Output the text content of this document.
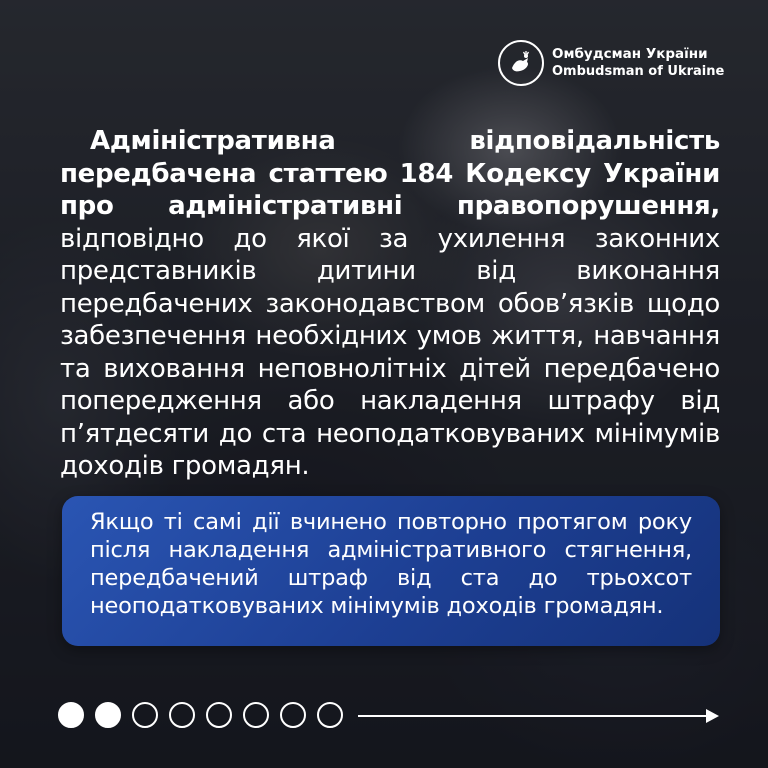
Омбудсман України
Ombudsman of Ukraine
Адміністративна відповідальність передбачена статтею 184 Кодексу України про адміністративні правопорушення, відповідно до якої за ухилення законних представників дитини від виконання передбачених законодавством обов’язків щодо забезпечення необхідних умов життя, навчання та виховання неповнолітніх дітей передбачено попередження або накладення штрафу від п’ятдесяти до ста неоподатковуваних мінімумів доходів громадян.
Якщо ті самі дії вчинено повторно протягом року після накладення адміністративного стягнення, передбачений штраф від ста до трьохсот неоподатковуваних мінімумів доходів громадян.
